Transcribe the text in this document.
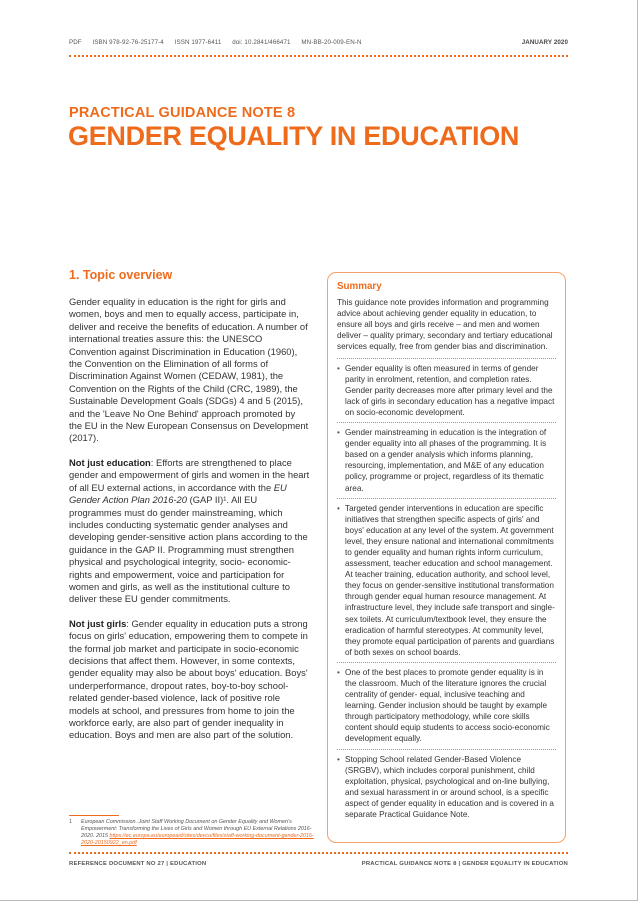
PDF ISBN 978-92-76-25177-4 ISSN 1977-6411 doi: 10.2841/466471 MN-BB-20-009-EN-N	JANUARY 2020
PRACTICAL GUIDANCE NOTE 8
GENDER EQUALITY IN EDUCATION
1. Topic overview

Gender equality in education is the right for girls and women, boys and men to equally access, participate in, deliver and receive the benefits of education. A number of international treaties assure this: the UNESCO Convention against Discrimination in Education (1960), the Convention on the Elimination of all forms of Discrimination Against Women (CEDAW, 1981), the Convention on the Rights of the Child (CRC, 1989), the Sustainable Development Goals (SDGs) 4 and 5 (2015), and the 'Leave No One Behind' approach promoted by the EU in the New European Consensus on Development (2017).

Not just education: Efforts are strengthened to place gender and empowerment of girls and women in the heart of all EU external actions, in accordance with the EU Gender Action Plan 2016-20 (GAP II)¹. All EU programmes must do gender mainstreaming, which includes conducting systematic gender analyses and developing gender-sensitive action plans according to the guidance in the GAP II. Programming must strengthen physical and psychological integrity, socio- economic-rights and empowerment, voice and participation for women and girls, as well as the institutional culture to deliver these EU gender commitments.

Not just girls: Gender equality in education puts a strong focus on girls' education, empowering them to compete in the formal job market and participate in socio-economic decisions that affect them. However, in some contexts, gender equality may also be about boys' education. Boys' underperformance, dropout rates, boy-to-boy school-related gender-based violence, lack of positive role models at school, and pressures from home to join the workforce early, are also part of gender inequality in education. Boys and men are also part of the solution.

1	European Commission. Joint Staff Working Document on Gender Equality and Women's Empowerment: Transforming the Lives of Girls and Women through EU External Relations 2016-2020. 2015 https://ec.europa.eu/europeaid/sites/devco/files/staff-working-document-gender-2016-2020-20150922_en.pdf
Summary

This guidance note provides information and programming advice about achieving gender equality in education, to ensure all boys and girls receive – and men and women deliver – quality primary, secondary and tertiary educational services equally, free from gender bias and discrimination.

• Gender equality is often measured in terms of gender parity in enrolment, retention, and completion rates. Gender parity decreases more after primary level and the lack of girls in secondary education has a negative impact on socio-economic development.
• Gender mainstreaming in education is the integration of gender equality into all phases of the programming. It is based on a gender analysis which informs planning, resourcing, implementation, and M&E of any education policy, programme or project, regardless of its thematic area.
• Targeted gender interventions in education are specific initiatives that strengthen specific aspects of girls' and boys' education at any level of the system. At government level, they ensure national and international commitments to gender equality and human rights inform curriculum, assessment, teacher education and school management. At teacher training, education authority, and school level, they focus on gender-sensitive institutional transformation through gender equal human resource management. At infrastructure level, they include safe transport and single-sex toilets. At curriculum/textbook level, they ensure the eradication of harmful stereotypes. At community level, they promote equal participation of parents and guardians of both sexes on school boards.
• One of the best places to promote gender equality is in the classroom. Much of the literature ignores the crucial centrality of gender- equal, inclusive teaching and learning. Gender inclusion should be taught by example through participatory methodology, while core skills content should equip students to access socio-economic development equally.
• Stopping School related Gender-Based Violence (SRGBV), which includes corporal punishment, child exploitation, physical, psychological and on-line bullying, and sexual harassment in or around school, is a specific aspect of gender equality in education and is covered in a separate Practical Guidance Note.
REFERENCE DOCUMENT NO 27 | EDUCATION	PRACTICAL GUIDANCE NOTE 8 | GENDER EQUALITY IN EDUCATION
